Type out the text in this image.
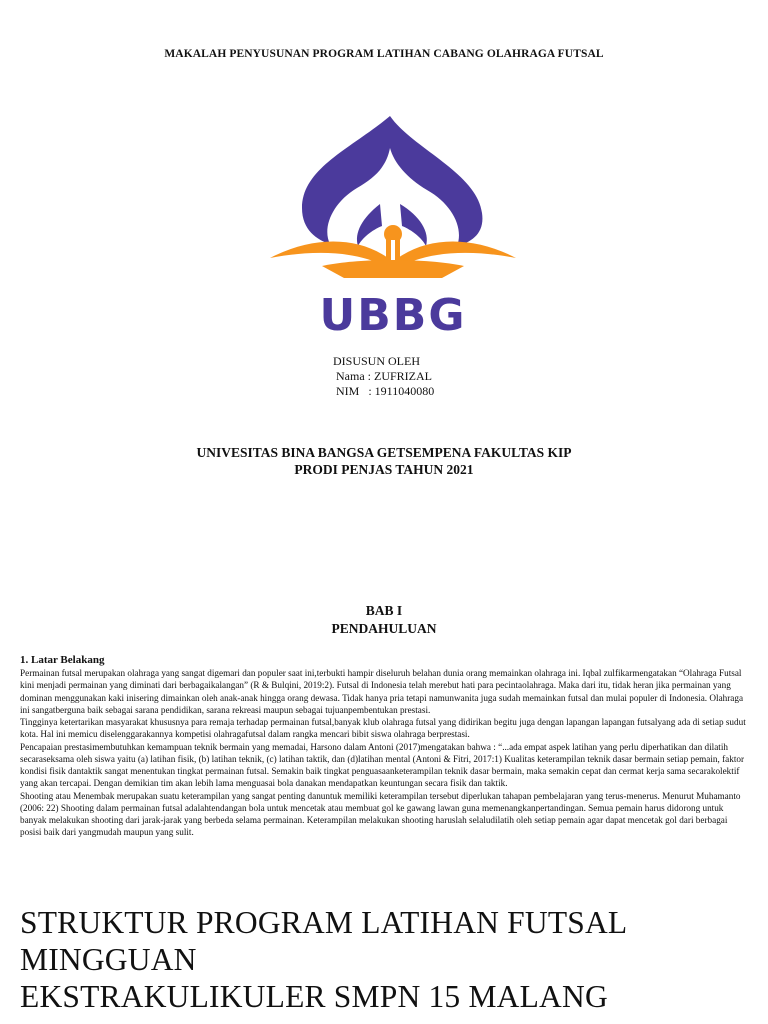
MAKALAH PENYUSUNAN PROGRAM LATIHAN CABANG OLAHRAGA FUTSAL
UBBG
DISUSUN OLEH
Nama : ZUFRIZAL
NIM   : 1911040080
UNIVESITAS BINA BANGSA GETSEMPENA FAKULTAS KIP
PRODI PENJAS TAHUN 2021
BAB I
PENDAHULUAN
1. Latar Belakang

Permainan futsal merupakan olahraga yang sangat digemari dan populer saat ini,terbukti hampir diseluruh belahan dunia orang memainkan olahraga ini. Iqbal zulfikarmengatakan “Olahraga Futsal kini menjadi permainan yang diminati dari berbagaikalangan” (R & Bulqini, 2019:2). Futsal di Indonesia telah merebut hati para pecintaolahraga. Maka dari itu, tidak heran jika permainan yang dominan menggunakan kaki inisering dimainkan oleh anak-anak hingga orang dewasa. Tidak hanya pria tetapi namunwanita juga sudah memainkan futsal dan mulai populer di Indonesia. Olahraga ini sangatberguna baik sebagai sarana pendidikan, sarana rekreasi maupun sebagai tujuanpembentukan prestasi.

Tingginya ketertarikan masyarakat khususnya para remaja terhadap permainan futsal,banyak klub olahraga futsal yang didirikan begitu juga dengan lapangan lapangan futsalyang ada di setiap sudut kota. Hal ini memicu diselenggarakannya kompetisi olahragafutsal dalam rangka mencari bibit siswa olahraga berprestasi.

Pencapaian prestasimembutuhkan kemampuan teknik bermain yang memadai, Harsono dalam Antoni (2017)mengatakan bahwa : “...ada empat aspek latihan yang perlu diperhatikan dan dilatih secaraseksama oleh siswa yaitu (a) latihan fisik, (b) latihan teknik, (c) latihan taktik, dan (d)latihan mental (Antoni & Fitri, 2017:1) Kualitas keterampilan teknik dasar bermain setiap pemain, faktor kondisi fisik dantaktik sangat menentukan tingkat permainan futsal. Semakin baik tingkat penguasaanketerampilan teknik dasar bermain, maka semakin cepat dan cermat kerja sama secarakolektif yang akan tercapai. Dengan demikian tim akan lebih lama menguasai bola danakan mendapatkan keuntungan secara fisik dan taktik.

Shooting atau Menembak merupakan suatu keterampilan yang sangat penting danuntuk memiliki keterampilan tersebut diperlukan tahapan pembelajaran yang terus-menerus. Menurut Muhamanto (2006: 22) Shooting dalam permainan futsal adalahtendangan bola untuk mencetak atau membuat gol ke gawang lawan guna memenangkanpertandingan. Semua pemain harus didorong untuk banyak melakukan shooting dari jarak-jarak yang berbeda selama permainan. Keterampilan melakukan shooting haruslah selaludilatih oleh setiap pemain agar dapat mencetak gol dari berbagai posisi baik dari yangmudah maupun yang sulit.

STRUKTUR PROGRAM LATIHAN FUTSAL
MINGGUAN
EKSTRAKULIKULER SMPN 15 MALANG
